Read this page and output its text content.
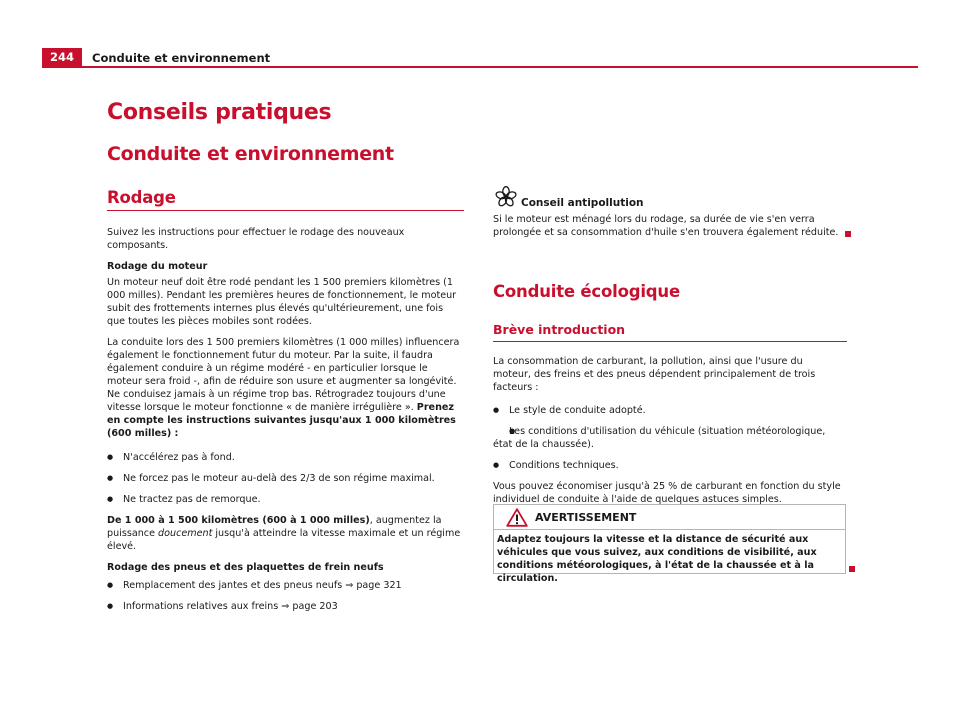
244	Conduite et environnement
Conseils pratiques
Conduite et environnement
Rodage

Suivez les instructions pour effectuer le rodage des nouveaux composants.

Rodage du moteur

Un moteur neuf doit être rodé pendant les 1 500 premiers kilomètres (1 000 milles). Pendant les premières heures de fonctionnement, le moteur subit des frottements internes plus élevés qu'ultérieurement, une fois que toutes les pièces mobiles sont rodées.

La conduite lors des 1 500 premiers kilomètres (1 000 milles) influencera également le fonctionnement futur du moteur. Par la suite, il faudra également conduire à un régime modéré - en particulier lorsque le moteur sera froid -, afin de réduire son usure et augmenter sa longévité. Ne conduisez jamais à un régime trop bas. Rétrogradez toujours d'une vitesse lorsque le moteur fonctionne « de manière irrégulière ». Prenez en compte les instructions suivantes jusqu'aux 1 000 kilomètres (600 milles) :

● N'accélérez pas à fond.
● Ne forcez pas le moteur au-delà des 2/3 de son régime maximal.
● Ne tractez pas de remorque.

De 1 000 à 1 500 kilomètres (600 à 1 000 milles), augmentez la puissance doucement jusqu'à atteindre la vitesse maximale et un régime élevé.

Rodage des pneus et des plaquettes de frein neufs

● Remplacement des jantes et des pneus neufs ⇒ page 321
● Informations relatives aux freins ⇒ page 203
Conseil antipollution
Si le moteur est ménagé lors du rodage, sa durée de vie s'en verra prolongée et sa consommation d'huile s'en trouvera également réduite.
Conduite écologique
Brève introduction

La consommation de carburant, la pollution, ainsi que l'usure du moteur, des freins et des pneus dépendent principalement de trois facteurs :

● Le style de conduite adopté.
● Les conditions d'utilisation du véhicule (situation météorologique, état de la chaussée).
● Conditions techniques.

Vous pouvez économiser jusqu'à 25 % de carburant en fonction du style individuel de conduite à l'aide de quelques astuces simples.

AVERTISSEMENT
Adaptez toujours la vitesse et la distance de sécurité aux véhicules que vous suivez, aux conditions de visibilité, aux conditions météorologiques, à l'état de la chaussée et à la circulation.
